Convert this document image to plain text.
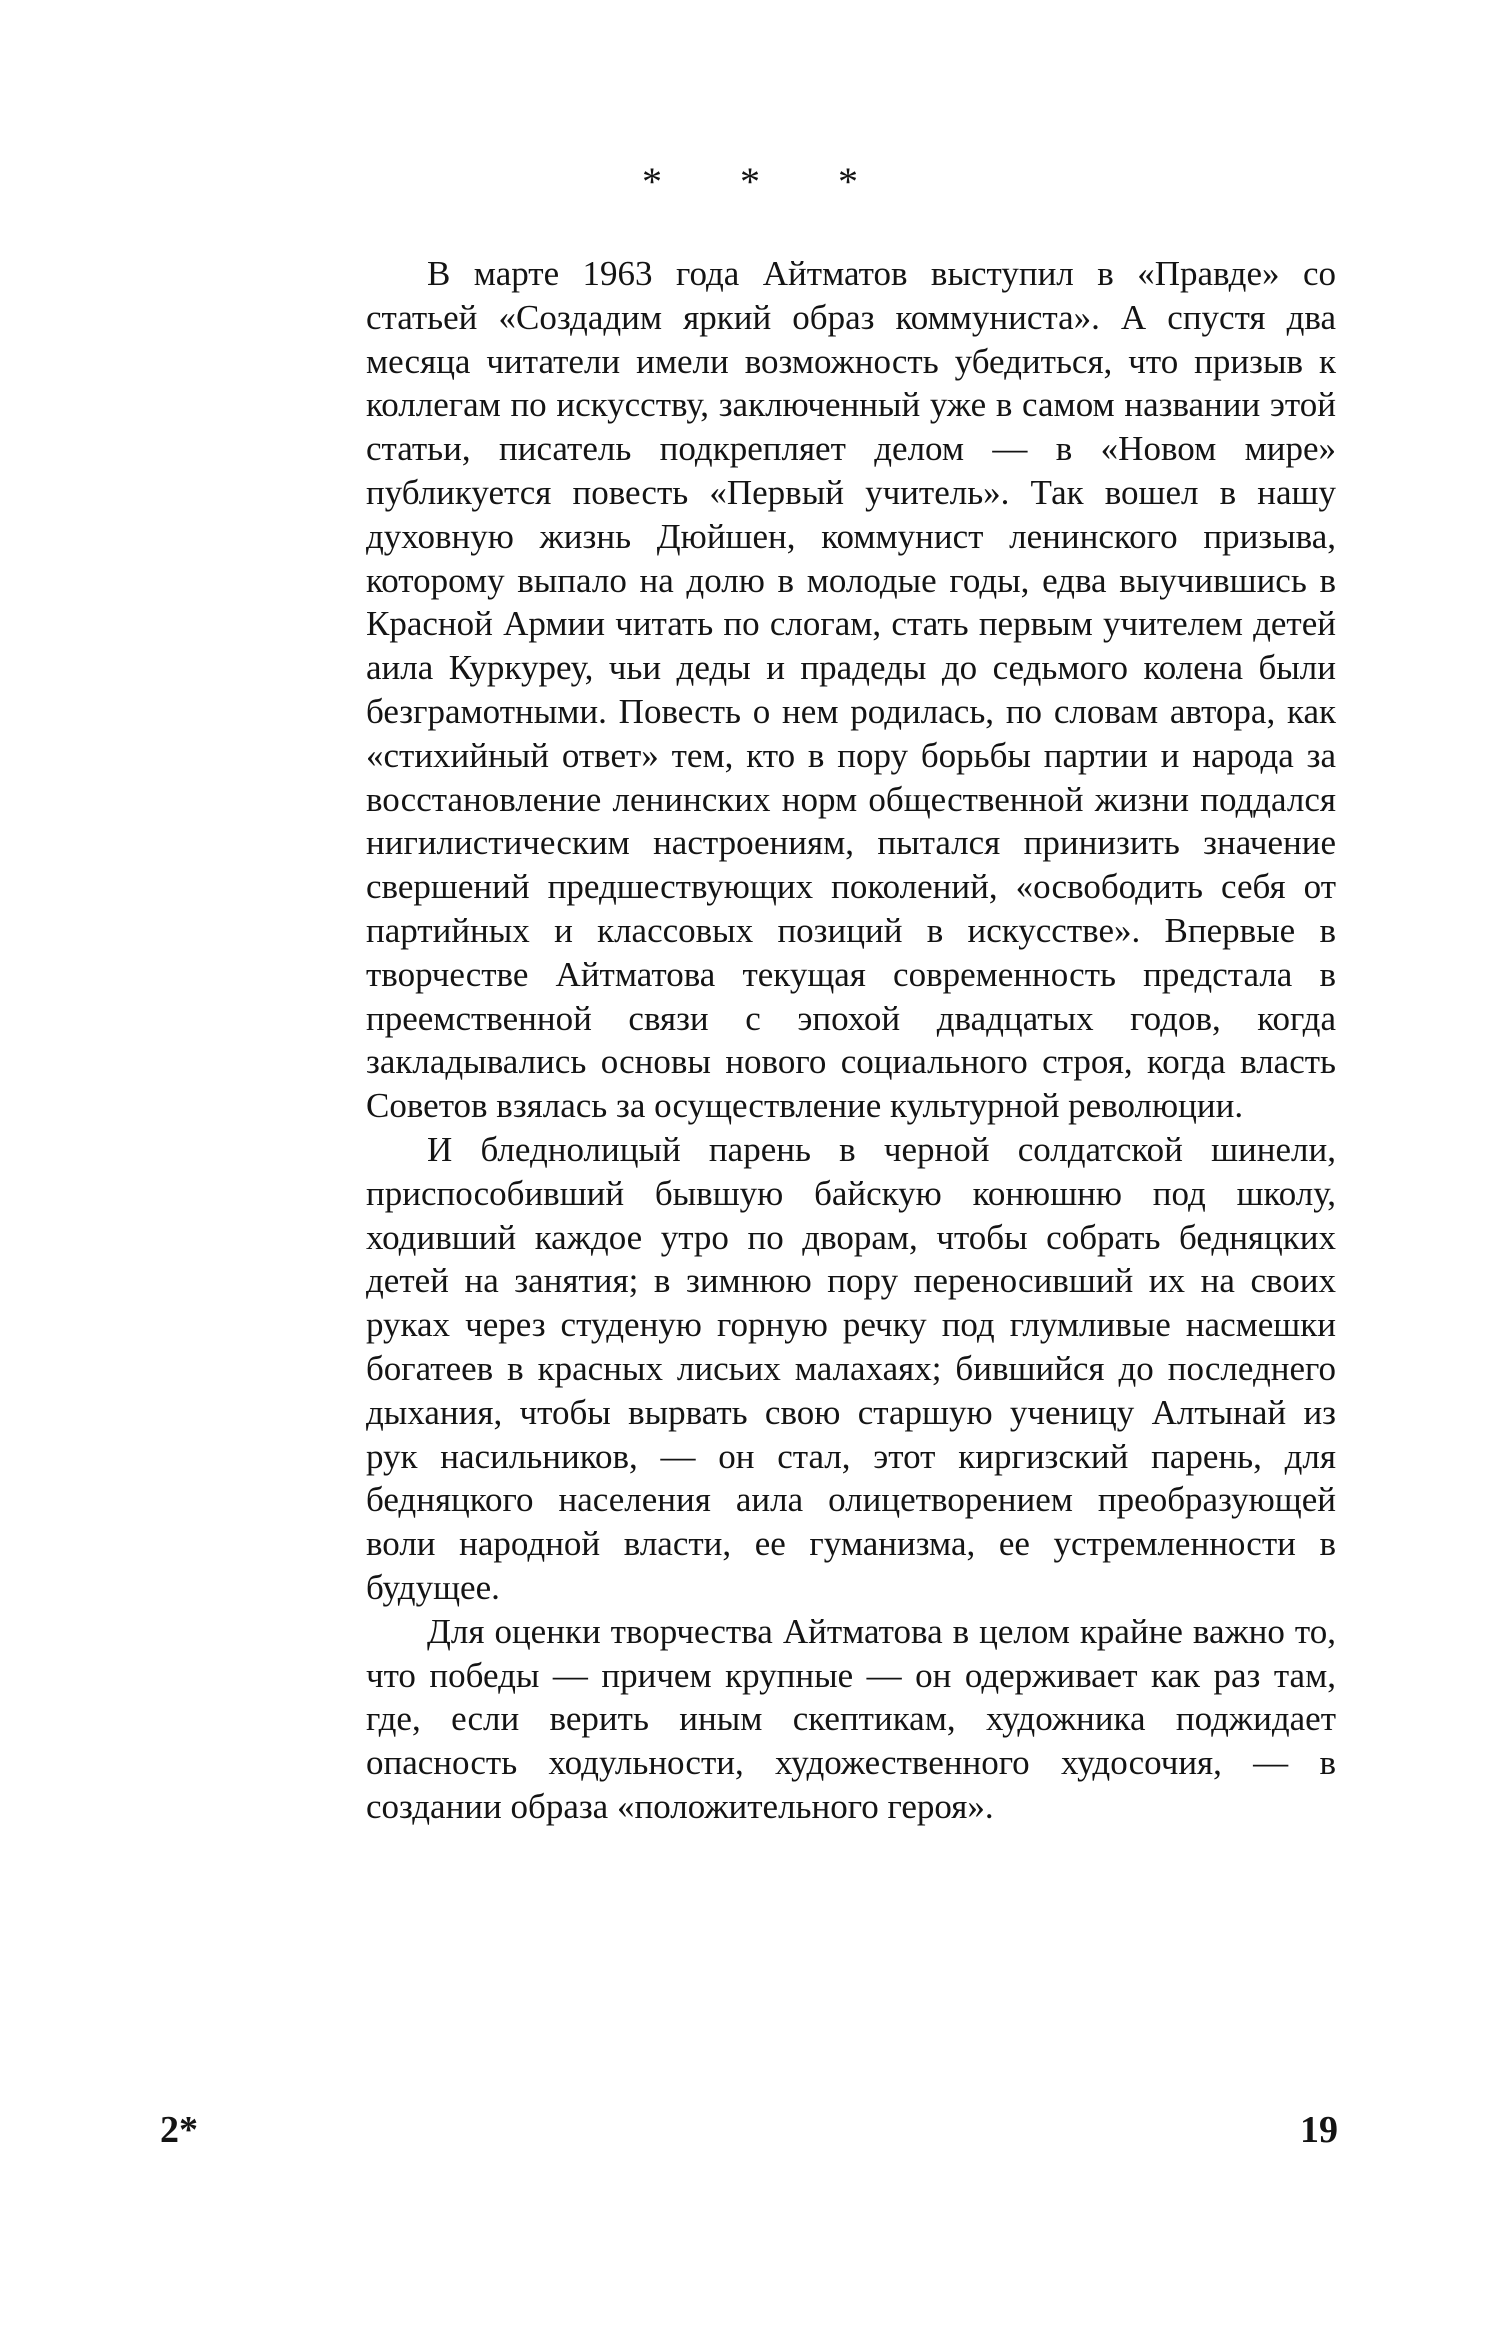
* * *

В марте 1963 года Айтматов выступил в «Правде» со статьей «Создадим яркий образ коммуниста». А спустя два месяца читатели имели возможность убедиться, что призыв к коллегам по искусству, заключенный уже в самом названии этой статьи, писатель подкрепляет делом — в «Новом мире» публикуется повесть «Первый учитель». Так вошел в нашу духовную жизнь Дюйшен, коммунист ленинского призыва, которому выпало на долю в молодые годы, едва выучившись в Красной Армии читать по слогам, стать первым учителем детей аила Куркуреу, чьи деды и прадеды до седьмого колена были безграмотными. Повесть о нем родилась, по словам автора, как «стихийный ответ» тем, кто в пору борьбы партии и народа за восстановление ленинских норм общественной жизни поддался нигилистическим настроениям, пытался принизить значение свершений предшествующих поколений, «освободить себя от партийных и классовых позиций в искусстве». Впервые в творчестве Айтматова текущая современность предстала в преемственной связи с эпохой двадцатых годов, когда закладывались основы нового социального строя, когда власть Советов взялась за осуществление культурной революции.

И бледнолицый парень в черной солдатской шинели, приспособивший бывшую байскую конюшню под школу, ходивший каждое утро по дворам, чтобы собрать бедняцких детей на занятия; в зимнюю пору переносивший их на своих руках через студеную горную речку под глумливые насмешки богатеев в красных лисьих малахаях; бившийся до последнего дыхания, чтобы вырвать свою старшую ученицу Алтынай из рук насильников, — он стал, этот киргизский парень, для бедняцкого населения аила олицетворением преобразующей воли народной власти, ее гуманизма, ее устремленности в будущее.

Для оценки творчества Айтматова в целом крайне важно то, что победы — причем крупные — он одерживает как раз там, где, если верить иным скептикам, художника поджидает опасность ходульности, художественного худосочия, — в создании образа «положительного героя».

2*	19
